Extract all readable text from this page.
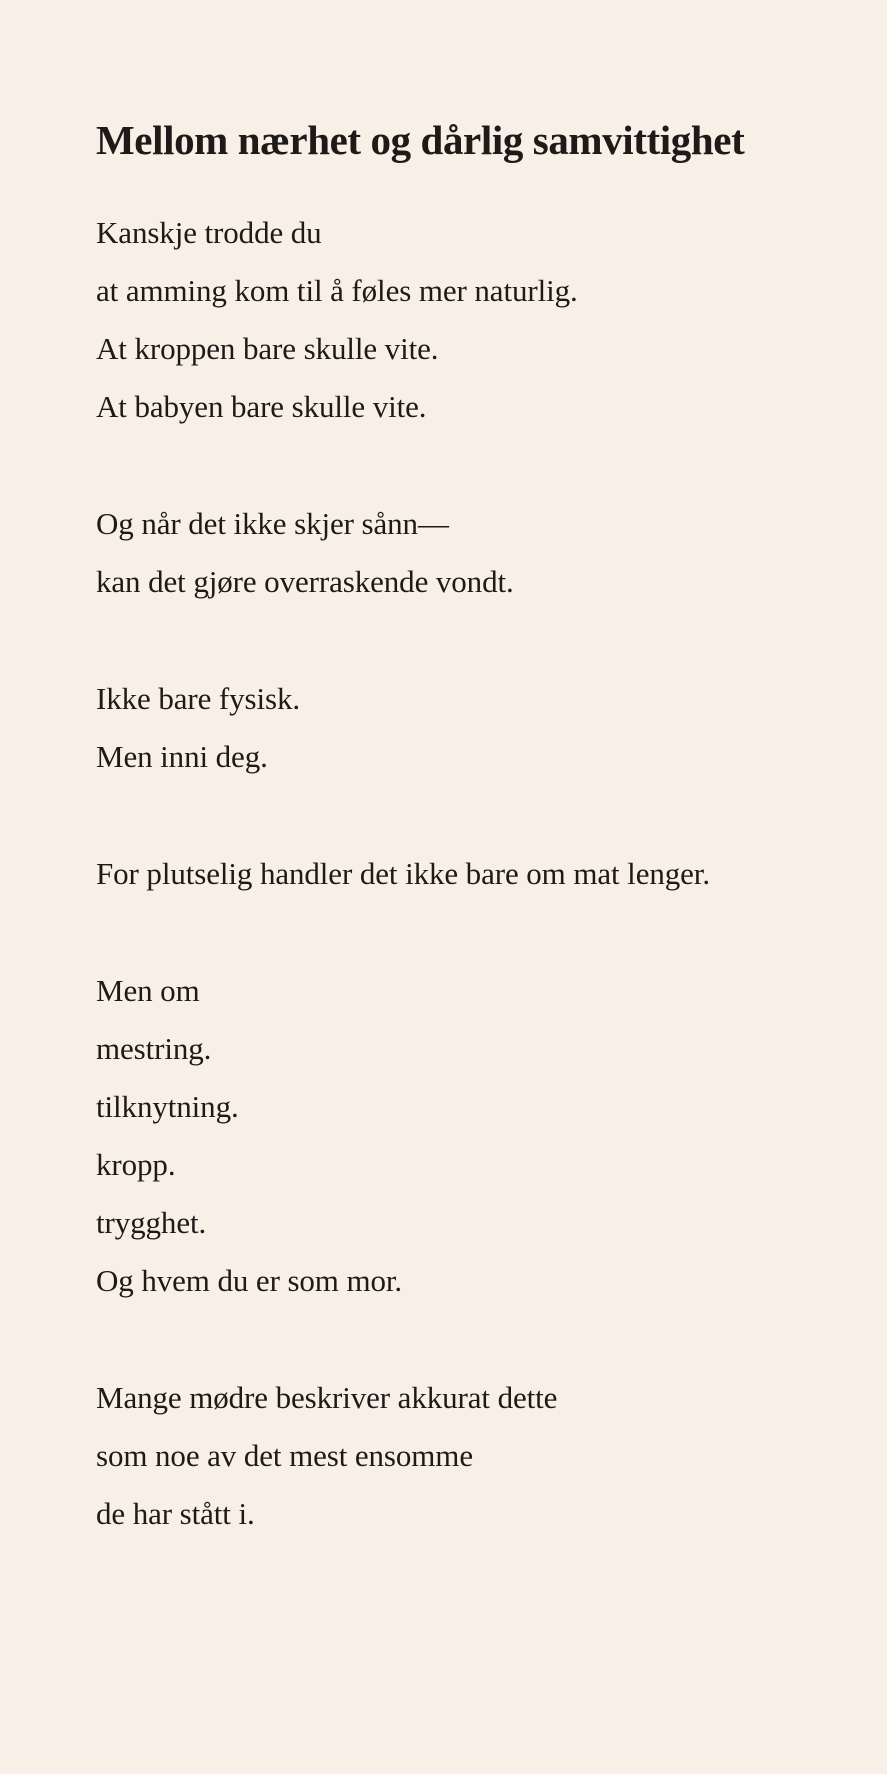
Mellom nærhet og dårlig samvittighet
Kanskje trodde du
at amming kom til å føles mer naturlig.
At kroppen bare skulle vite.
At babyen bare skulle vite.
Og når det ikke skjer sånn—
kan det gjøre overraskende vondt.
Ikke bare fysisk.
Men inni deg.
For plutselig handler det ikke bare om mat lenger.
Men om
mestring.
tilknytning.
kropp.
trygghet.
Og hvem du er som mor.
Mange mødre beskriver akkurat dette
som noe av det mest ensomme
de har stått i.
